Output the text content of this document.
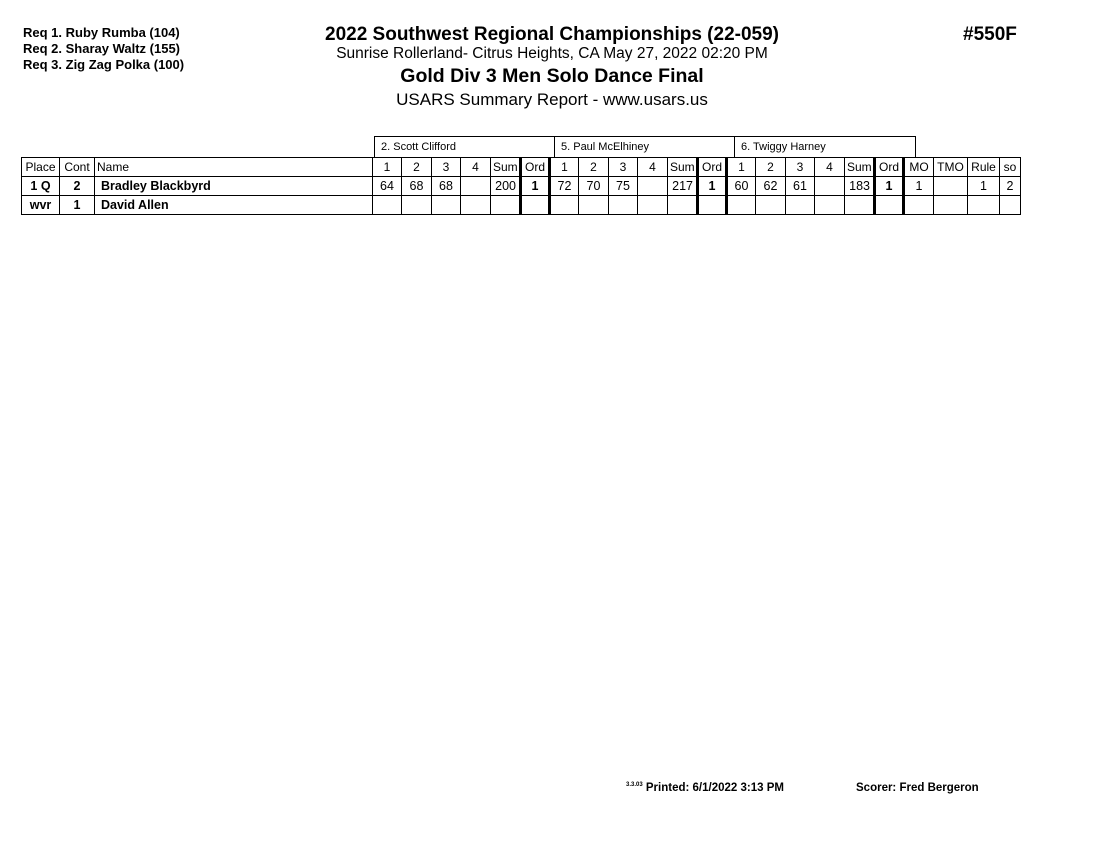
Req 1. Ruby Rumba (104)
Req 2. Sharay Waltz (155)
Req 3. Zig Zag Polka (100)
2022 Southwest Regional Championships (22-059)
Sunrise Rollerland- Citrus Heights, CA May 27, 2022 02:20 PM
Gold Div 3 Men Solo Dance Final
USARS Summary Report - www.usars.us
#550F
2. Scott Clifford	5. Paul McElhiney	6. Twiggy Harney
Place	Cont	Name	1	2	3	4	Sum	Ord	1	2	3	4	Sum	Ord	1	2	3	4	Sum	Ord	MO	TMO	Rule	so
1 Q	2	Bradley Blackbyrd	64	68	68		200	1	72	70	75		217	1	60	62	61		183	1	1		1	2
wvr	1	David Allen																						
$^{3.3.03}$ Printed: 6/1/2022 3:13 PM	Scorer: Fred Bergeron
